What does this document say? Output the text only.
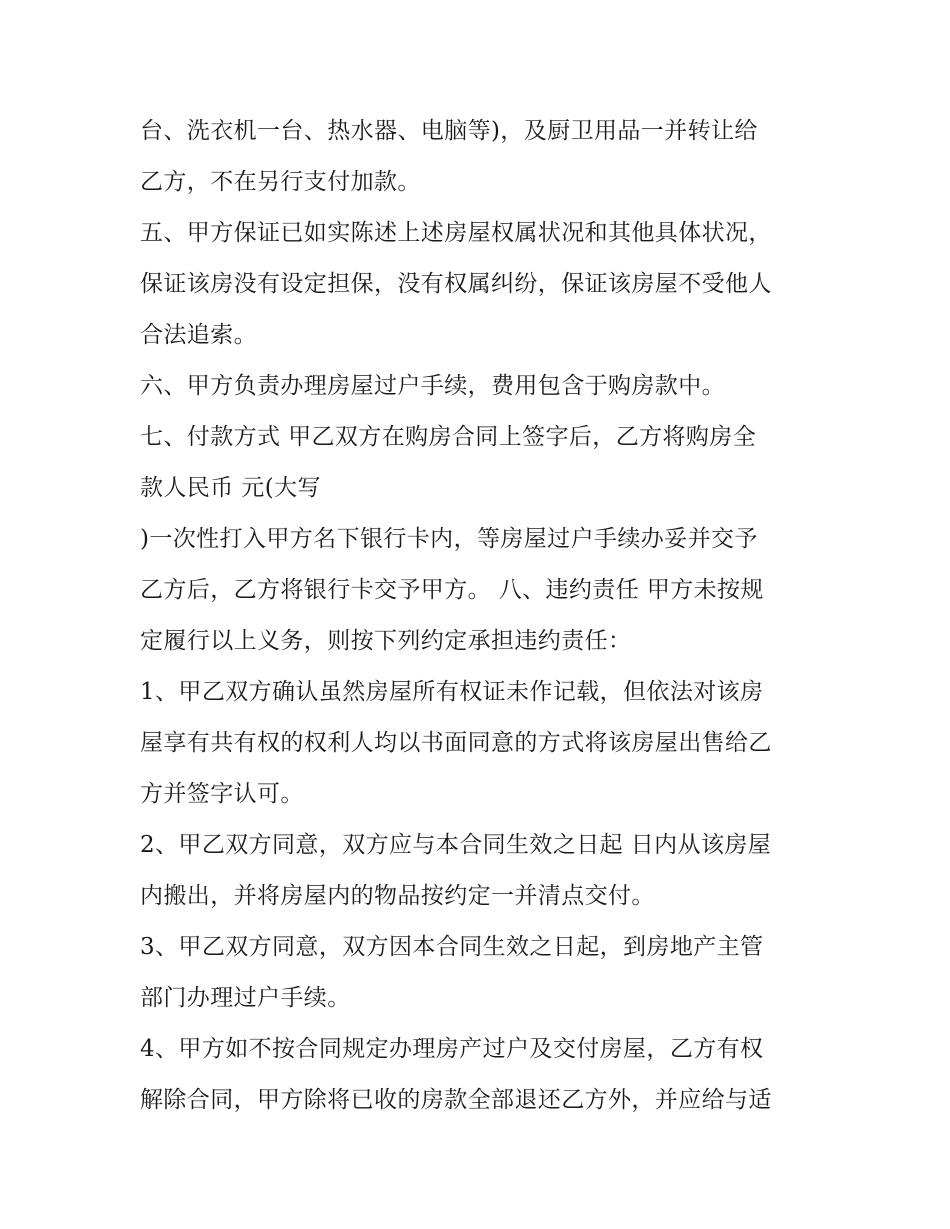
台、洗衣机一台、热水器、电脑等)，及厨卫用品一并转让给

乙方，不在另行支付加款。

五、甲方保证已如实陈述上述房屋权属状况和其他具体状况，

保证该房没有设定担保，没有权属纠纷，保证该房屋不受他人

合法追索。

六、甲方负责办理房屋过户手续，费用包含于购房款中。

七、付款方式 甲乙双方在购房合同上签字后，乙方将购房全

款人民币 元(大写

)一次性打入甲方名下银行卡内，等房屋过户手续办妥并交予

乙方后，乙方将银行卡交予甲方。 八、违约责任 甲方未按规

定履行以上义务，则按下列约定承担违约责任：

1、甲乙双方确认虽然房屋所有权证未作记载，但依法对该房

屋享有共有权的权利人均以书面同意的方式将该房屋出售给乙

方并签字认可。

2、甲乙双方同意，双方应与本合同生效之日起 日内从该房屋

内搬出，并将房屋内的物品按约定一并清点交付。

3、甲乙双方同意，双方因本合同生效之日起，到房地产主管

部门办理过户手续。

4、甲方如不按合同规定办理房产过户及交付房屋，乙方有权

解除合同，甲方除将已收的房款全部退还乙方外，并应给与适
